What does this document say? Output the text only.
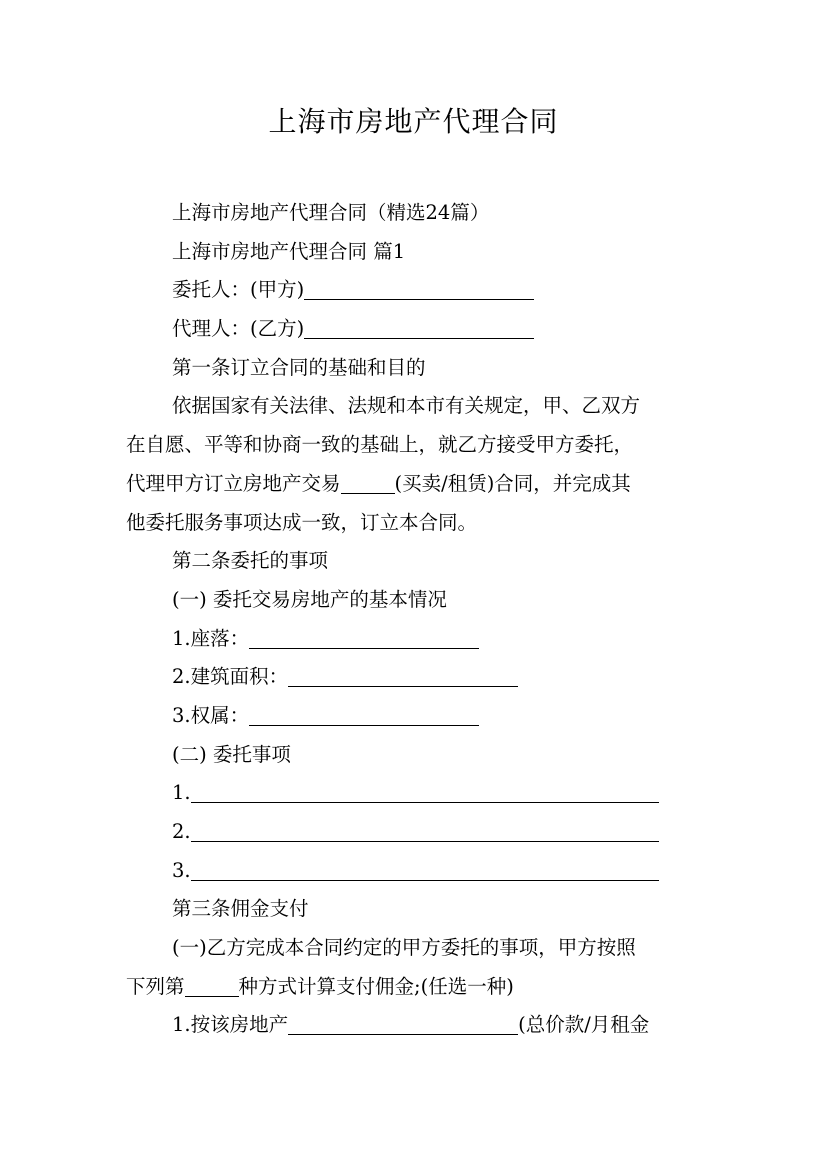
上海市房地产代理合同
上海市房地产代理合同（精选24篇）
上海市房地产代理合同 篇1
委托人：(甲方)
代理人：(乙方)
第一条订立合同的基础和目的
依据国家有关法律、法规和本市有关规定，甲、乙双方
在自愿、平等和协商一致的基础上，就乙方接受甲方委托，
代理甲方订立房地产交易	(买卖/租赁)合同，并完成其
他委托服务事项达成一致，订立本合同。
第二条委托的事项
(一) 委托交易房地产的基本情况
1.座落：
2.建筑面积：
3.权属：
(二) 委托事项
1.
2.
3.
第三条佣金支付
(一)乙方完成本合同约定的甲方委托的事项，甲方按照
下列第	种方式计算支付佣金;(任选一种)
1.按该房地产	(总价款/月租金
